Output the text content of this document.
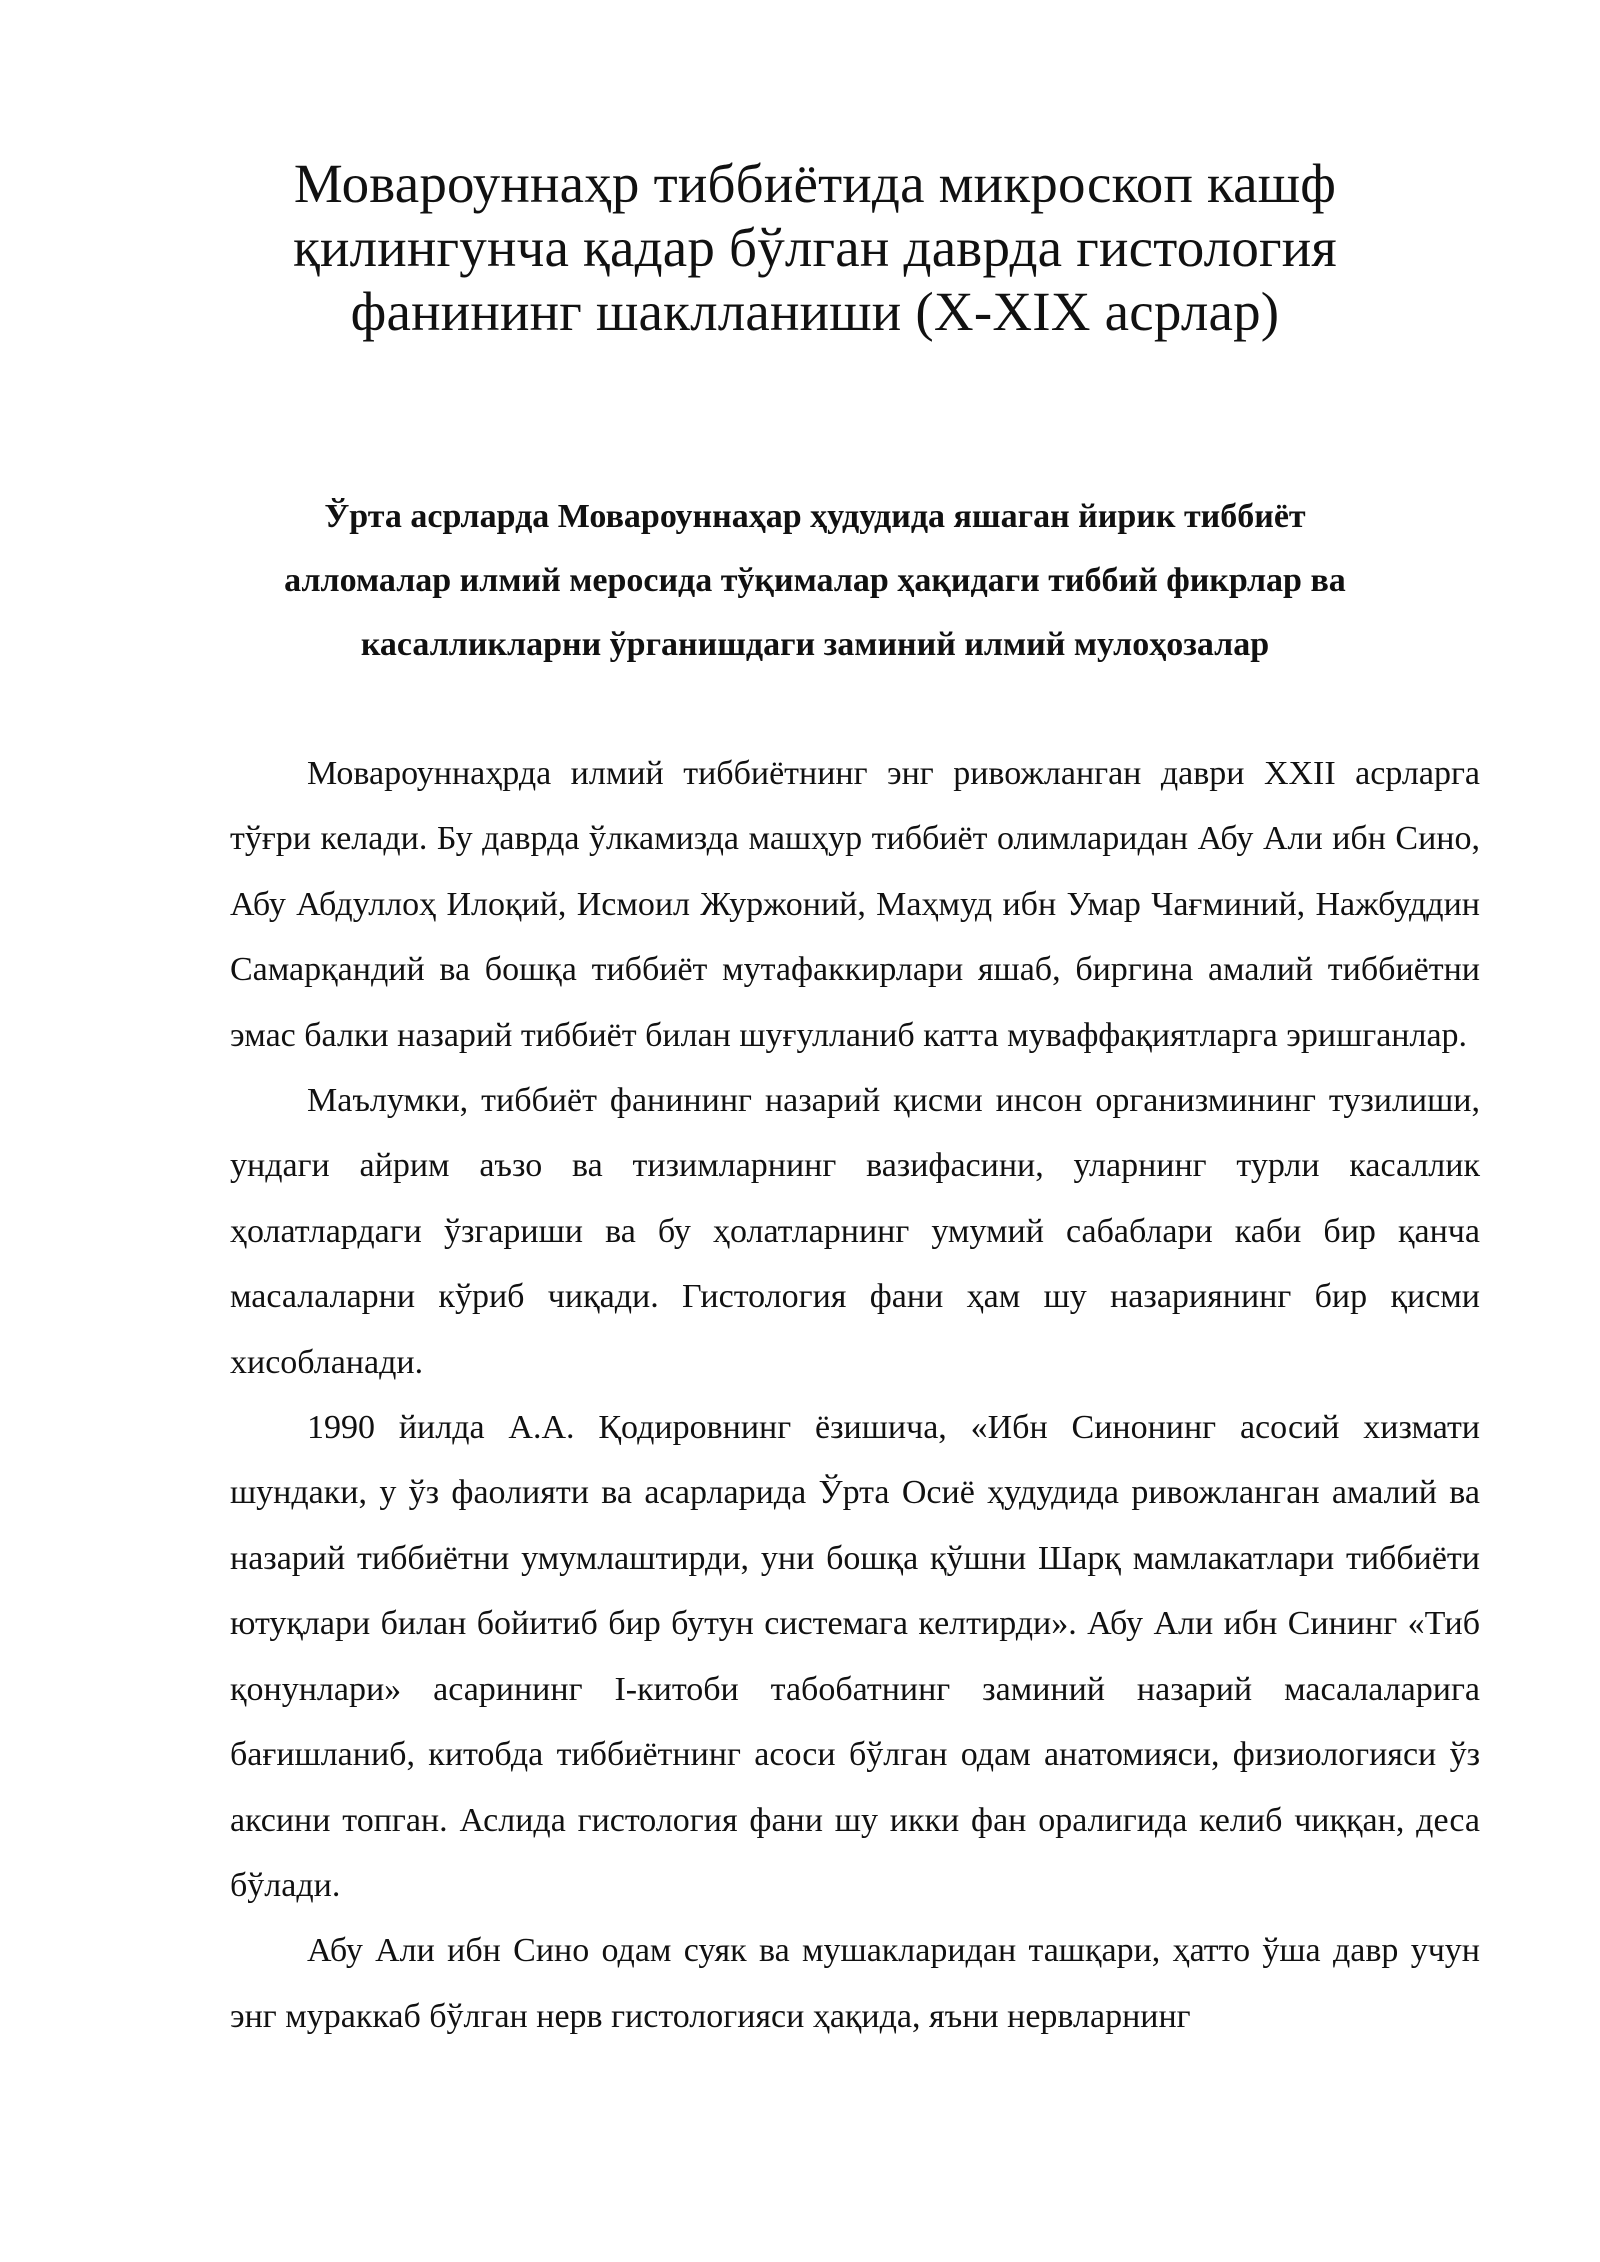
Мовароуннаҳр тиббиётида микроскоп кашф
қилингунча қадар бўлган даврда гистология
фанининг шаклланиши (X-XIX асрлар)
Ўрта асрларда Мовароуннаҳар ҳудудида яшаган йирик тиббиёт
алломалар илмий меросида тўқималар ҳақидаги тиббий фикрлар ва
касалликларни ўрганишдаги заминий илмий мулоҳозалар

Мовароуннаҳрда илмий тиббиётнинг энг ривожланган даври XXII асрларга тўғри келади. Бу даврда ўлкамизда машҳур тиббиёт олимларидан Абу Али ибн Сино, Абу Абдуллоҳ Илоқий, Исмоил Журжоний, Маҳмуд ибн Умар Чағминий, Нажбуддин Самарқандий ва бошқа тиббиёт мутафаккирлари яшаб, биргина амалий тиббиётни эмас балки назарий тиббиёт билан шуғулланиб катта муваффақиятларга эришганлар.

Маълумки, тиббиёт фанининг назарий қисми инсон организмининг тузилиши, ундаги айрим аъзо ва тизимларнинг вазифасини, уларнинг турли касаллик ҳолатлардаги ўзгариши ва бу ҳолатларнинг умумий сабаблари каби бир қанча масалаларни кўриб чиқади. Гистология фани ҳам шу назариянинг бир қисми хисобланади.

1990 йилда А.А. Қодировнинг ёзишича, «Ибн Синонинг асосий хизмати шундаки, у ўз фаолияти ва асарларида Ўрта Осиё ҳудудида ривожланган амалий ва назарий тиббиётни умумлаштирди, уни бошқа қўшни Шарқ мамлакатлари тиббиёти ютуқлари билан бойитиб бир бутун системага келтирди». Абу Али ибн Сининг «Тиб қонунлари» асарининг I-китоби табобатнинг заминий назарий масалаларига бағишланиб, китобда тиббиётнинг асоси бўлган одам анатомияси, физиологияси ўз аксини топган. Аслида гистология фани шу икки фан оралигида келиб чиққан, деса бўлади.

Абу Али ибн Сино одам суяк ва мушакларидан ташқари, ҳатто ўша давр учун энг мураккаб бўлган нерв гистологияси ҳақида, яъни нервларнинг
